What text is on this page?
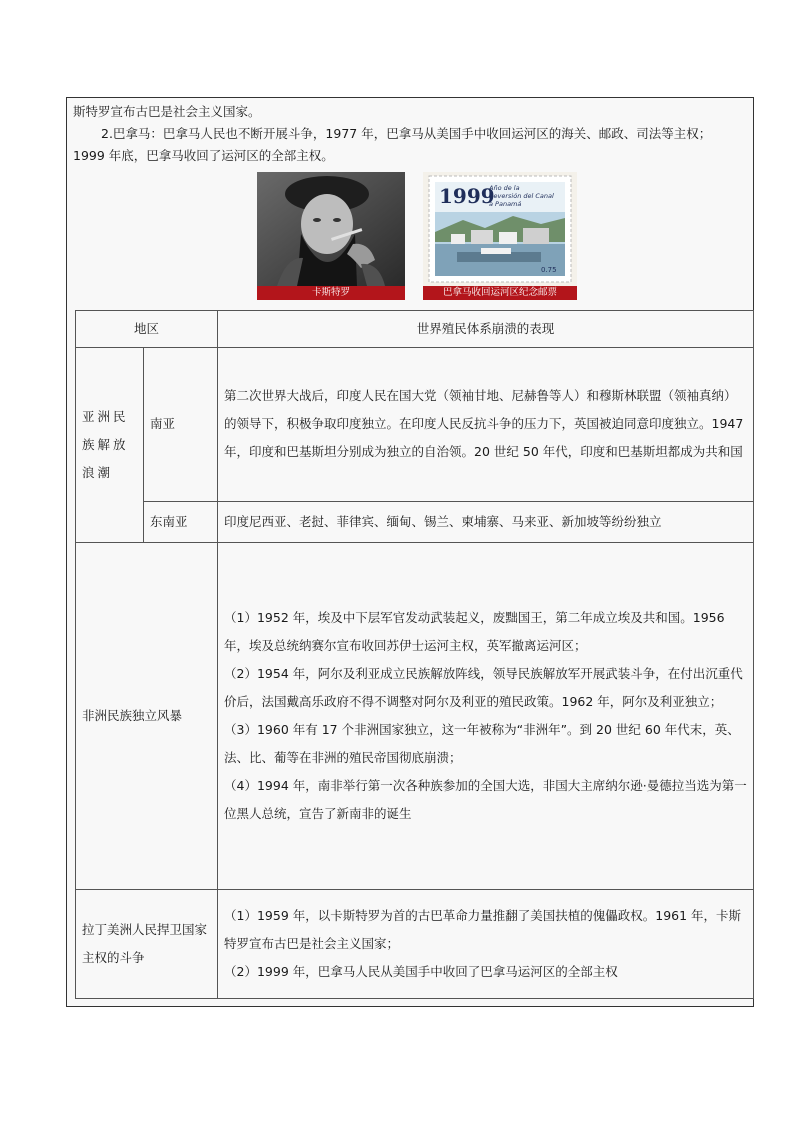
斯特罗宣布古巴是社会主义国家。

2.巴拿马：巴拿马人民也不断开展斗争，1977 年，巴拿马从美国手中收回运河区的海关、邮政、司法等主权；

1999 年底，巴拿马收回了运河区的全部主权。

卡斯特罗
1999
Año de la
Reversión del Canal
a Panamá
0.75
巴拿马收回运河区纪念邮票
地区		世界殖民体系崩溃的表现
亚洲民族解放浪潮	南亚	第二次世界大战后，印度人民在国大党（领袖甘地、尼赫鲁等人）和穆斯林联盟（领袖真纳）的领导下，积极争取印度独立。在印度人民反抗斗争的压力下，英国被迫同意印度独立。1947 年，印度和巴基斯坦分别成为独立的自治领。20 世纪 50 年代，印度和巴基斯坦都成为共和国
	东南亚	印度尼西亚、老挝、菲律宾、缅甸、锡兰、柬埔寨、马来亚、新加坡等纷纷独立
非洲民族独立风暴		（1）1952 年，埃及中下层军官发动武装起义，废黜国王，第二年成立埃及共和国。1956 年，埃及总统纳赛尔宣布收回苏伊士运河主权，英军撤离运河区；
（2）1954 年，阿尔及利亚成立民族解放阵线，领导民族解放军开展武装斗争，在付出沉重代价后，法国戴高乐政府不得不调整对阿尔及利亚的殖民政策。1962 年，阿尔及利亚独立；
（3）1960 年有 17 个非洲国家独立，这一年被称为“非洲年”。到 20 世纪 60 年代末，英、法、比、葡等在非洲的殖民帝国彻底崩溃；
（4）1994 年，南非举行第一次各种族参加的全国大选，非国大主席纳尔逊·曼德拉当选为第一位黑人总统，宣告了新南非的诞生

拉丁美洲人民捍卫国家主权的斗争		（1）1959 年，以卡斯特罗为首的古巴革命力量推翻了美国扶植的傀儡政权。1961 年，卡斯特罗宣布古巴是社会主义国家；
（2）1999 年，巴拿马人民从美国手中收回了巴拿马运河区的全部主权
